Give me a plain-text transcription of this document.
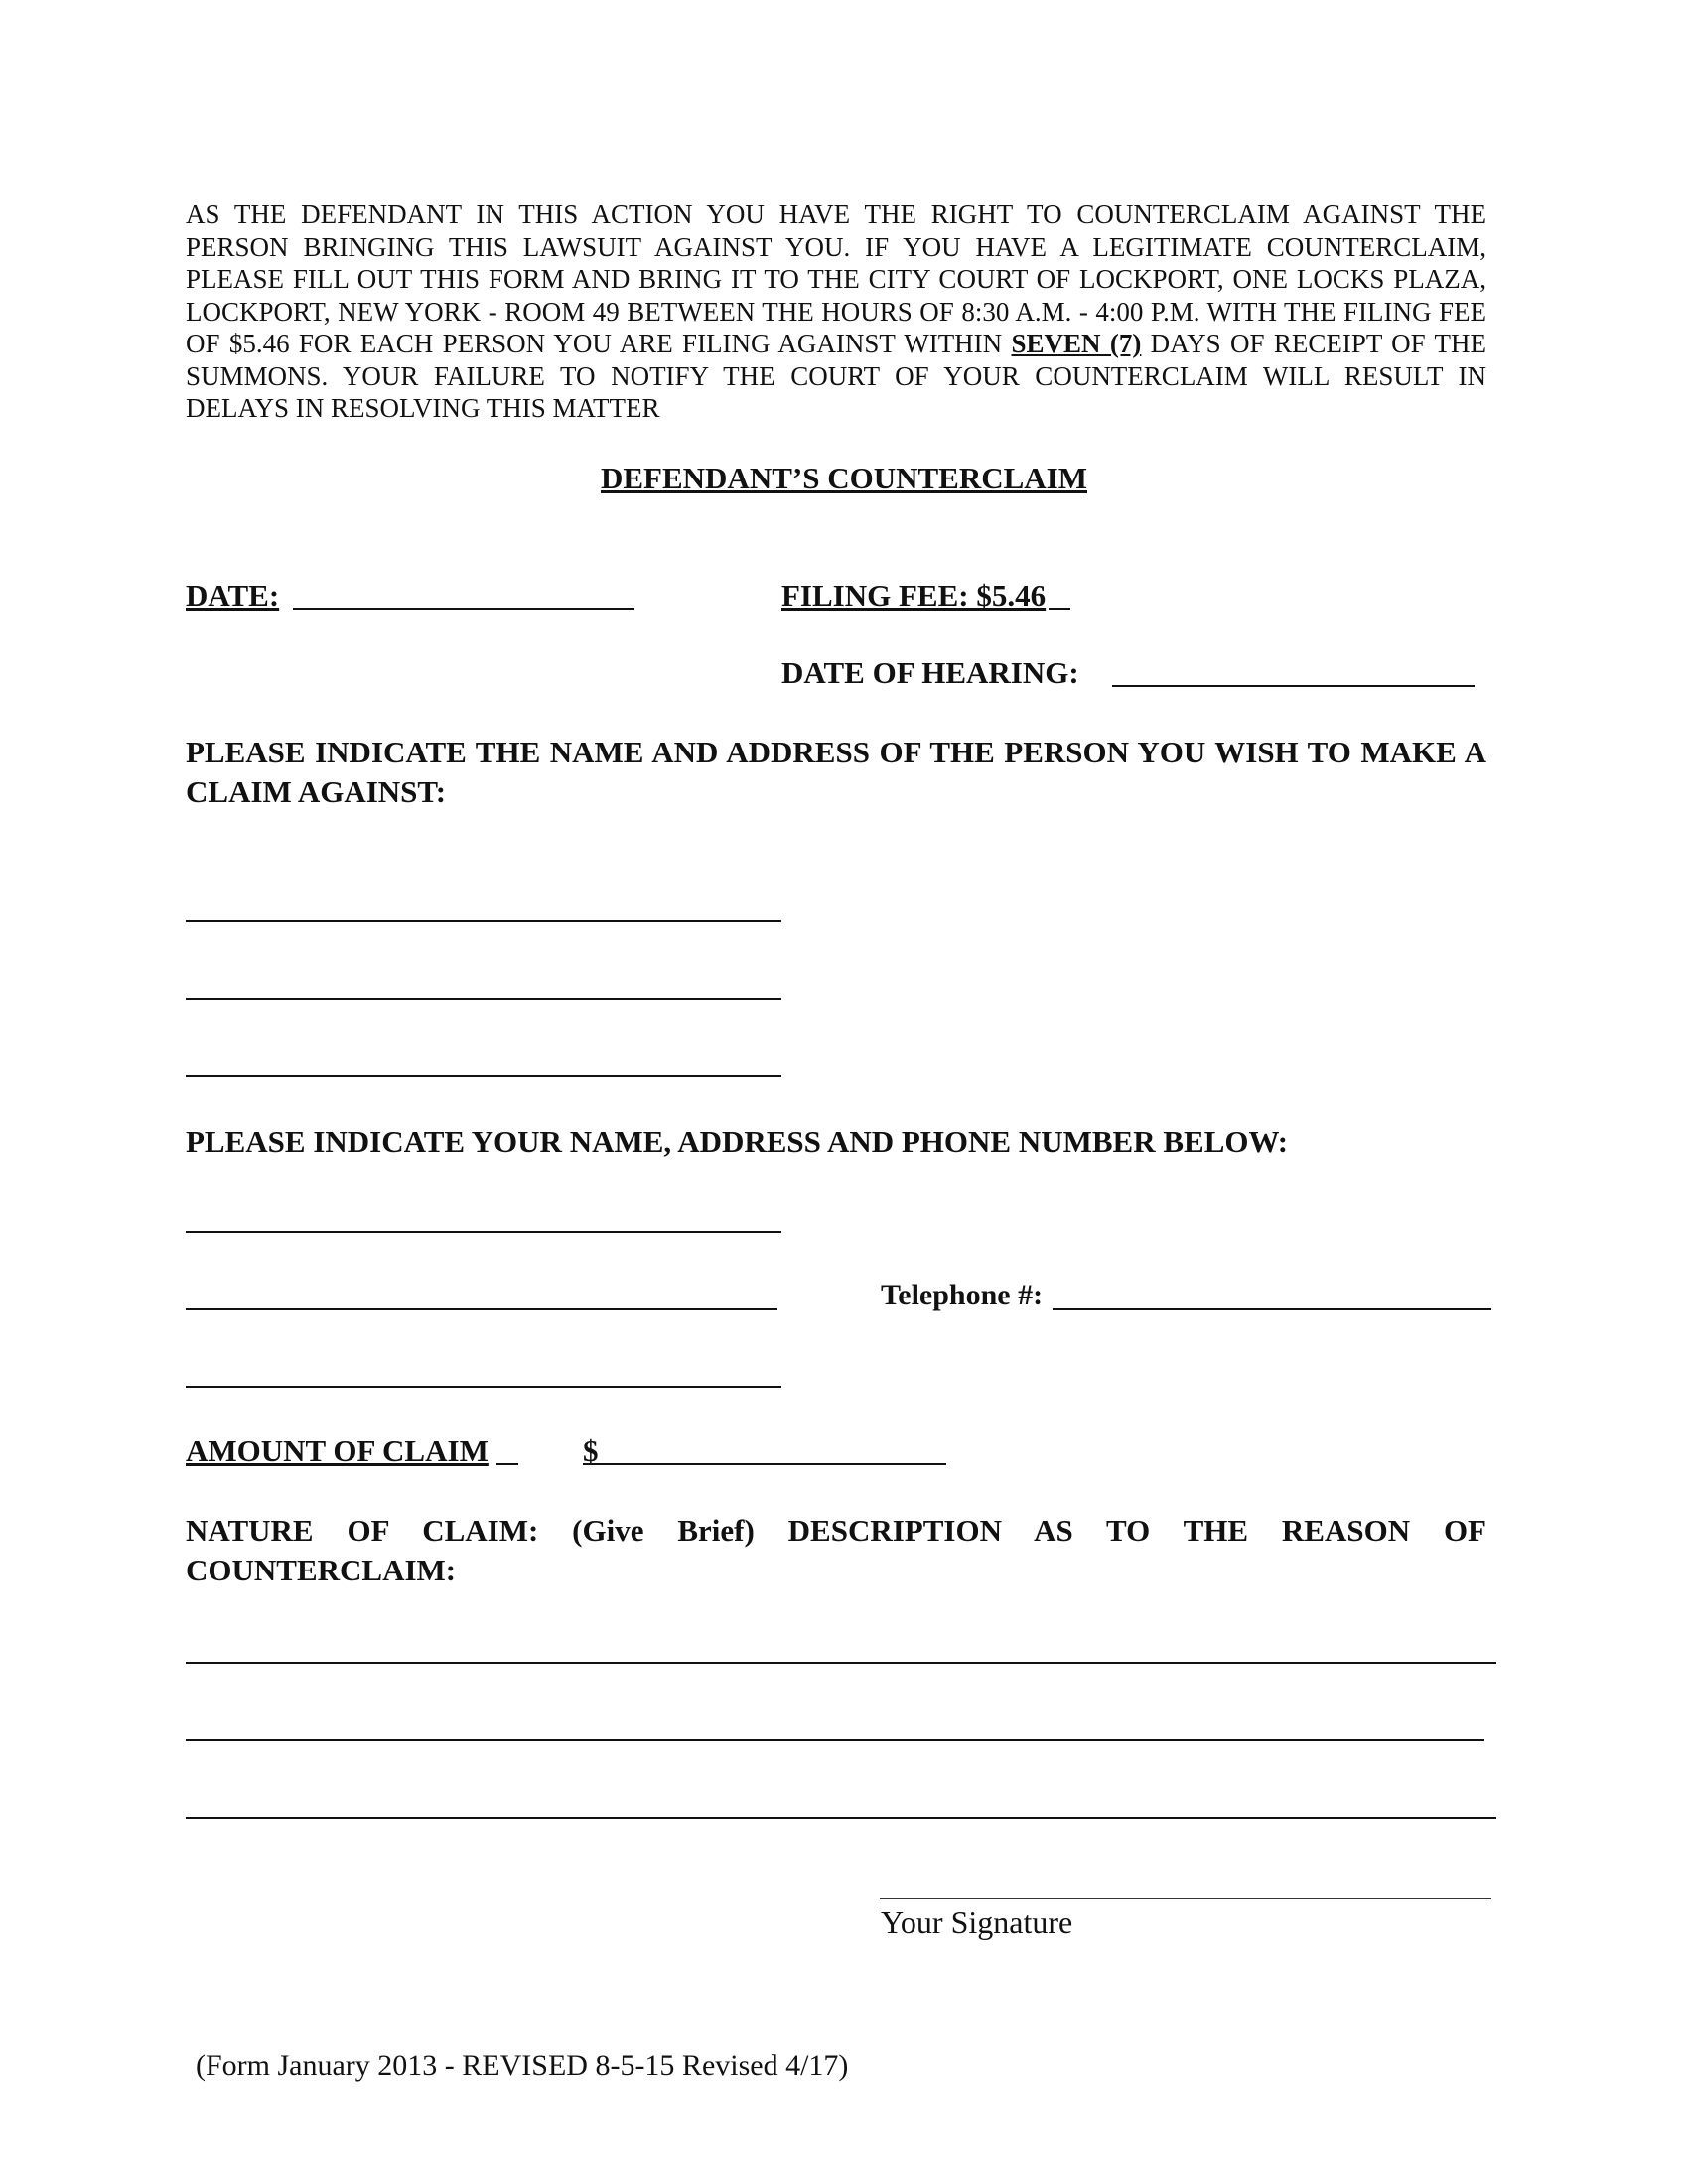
AS THE DEFENDANT IN THIS ACTION YOU HAVE THE RIGHT TO COUNTERCLAIM AGAINST THE PERSON BRINGING THIS LAWSUIT AGAINST YOU. IF YOU HAVE A LEGITIMATE COUNTERCLAIM, PLEASE FILL OUT THIS FORM AND BRING IT TO THE CITY COURT OF LOCKPORT, ONE LOCKS PLAZA, LOCKPORT, NEW YORK - ROOM 49 BETWEEN THE HOURS OF 8:30 A.M. - 4:00 P.M. WITH THE FILING FEE OF $5.46 FOR EACH PERSON YOU ARE FILING AGAINST WITHIN SEVEN (7) DAYS OF RECEIPT OF THE SUMMONS. YOUR FAILURE TO NOTIFY THE COURT OF YOUR COUNTERCLAIM WILL RESULT IN DELAYS IN RESOLVING THIS MATTER
DEFENDANT’S COUNTERCLAIM
DATE:	FILING FEE: $5.46
DATE OF HEARING:
PLEASE INDICATE THE NAME AND ADDRESS OF THE PERSON YOU WISH TO MAKE A CLAIM AGAINST:
PLEASE INDICATE YOUR NAME, ADDRESS AND PHONE NUMBER BELOW:
Telephone #:
AMOUNT OF CLAIM	$
NATURE OF CLAIM: (Give Brief) DESCRIPTION AS TO THE REASON OF COUNTERCLAIM:
Your Signature
(Form January 2013 - REVISED 8-5-15 Revised 4/17)
